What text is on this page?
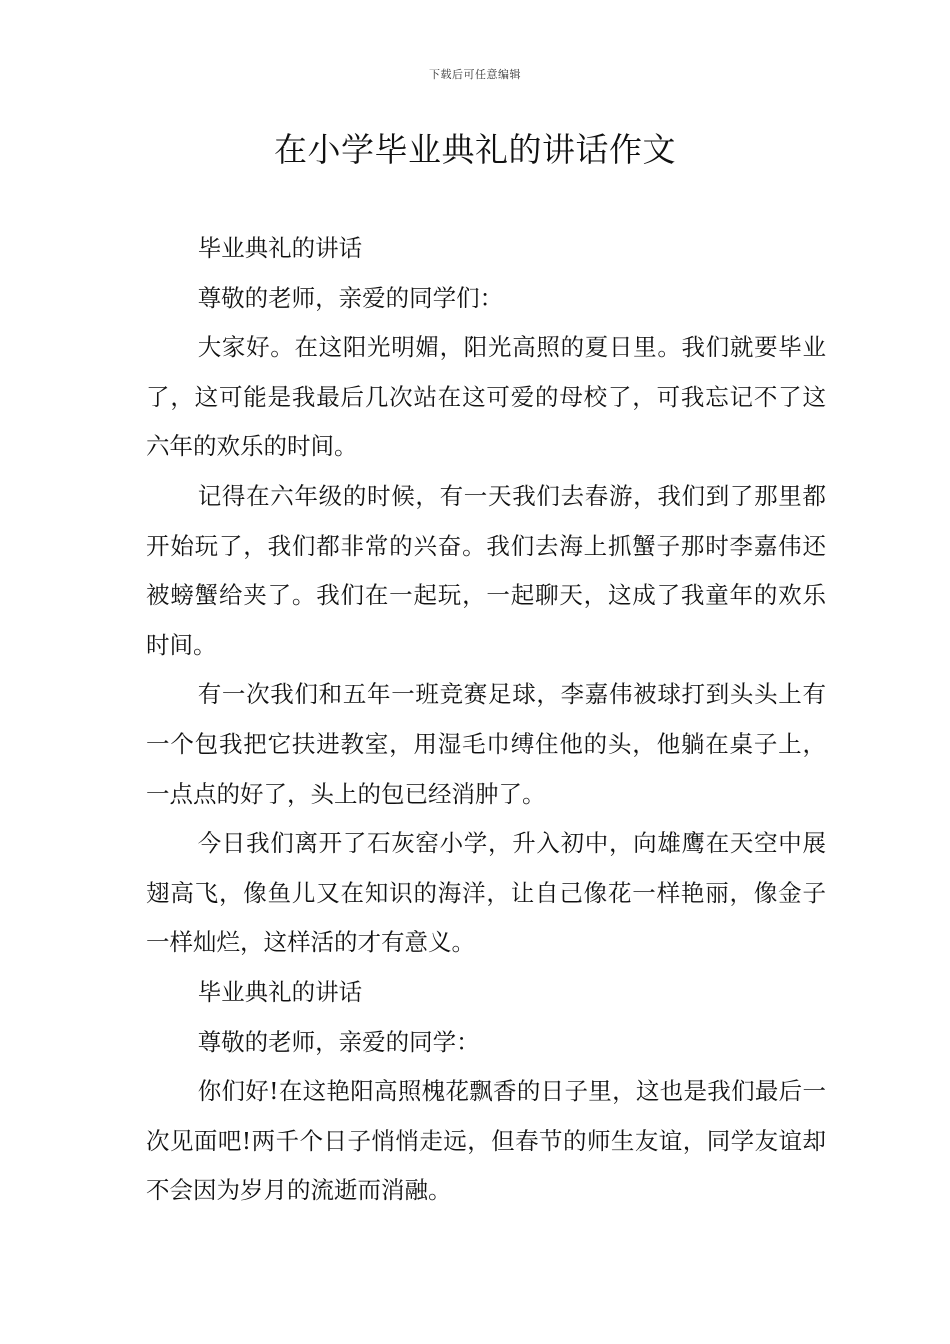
下载后可任意编辑
在小学毕业典礼的讲话作文

毕业典礼的讲话

尊敬的老师，亲爱的同学们：

大家好。在这阳光明媚，阳光高照的夏日里。我们就要毕业了，这可能是我最后几次站在这可爱的母校了，可我忘记不了这六年的欢乐的时间。

记得在六年级的时候，有一天我们去春游，我们到了那里都开始玩了，我们都非常的兴奋。我们去海上抓蟹子那时李嘉伟还被螃蟹给夹了。我们在一起玩，一起聊天，这成了我童年的欢乐时间。

有一次我们和五年一班竞赛足球，李嘉伟被球打到头头上有一个包我把它扶进教室，用湿毛巾缚住他的头，他躺在桌子上，一点点的好了，头上的包已经消肿了。

今日我们离开了石灰窑小学，升入初中，向雄鹰在天空中展翅高飞，像鱼儿又在知识的海洋，让自己像花一样艳丽，像金子一样灿烂，这样活的才有意义。

毕业典礼的讲话

尊敬的老师，亲爱的同学：

你们好!在这艳阳高照槐花飘香的日子里，这也是我们最后一次见面吧!两千个日子悄悄走远，但春节的师生友谊，同学友谊却不会因为岁月的流逝而消融。
